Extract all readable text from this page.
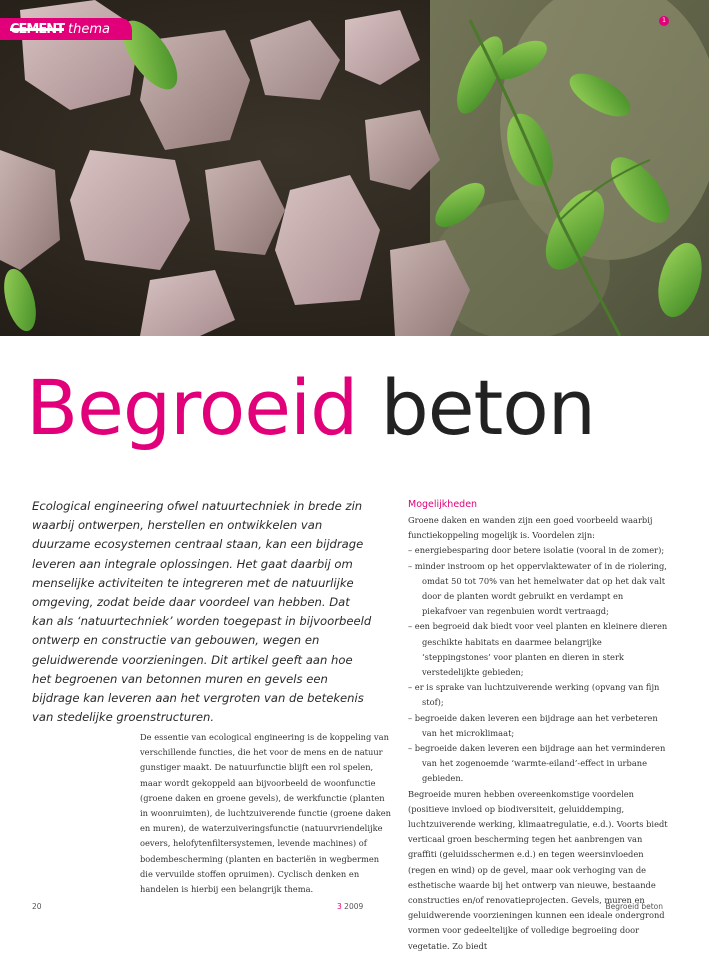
CEMENT thema
1
Begroeid beton

Ecological engineering ofwel natuurtechniek in brede zin waarbij ontwerpen, herstellen en ontwikkelen van duurzame ecosystemen centraal staan, kan een bijdrage leveren aan integrale oplossingen. Het gaat daarbij om menselijke activiteiten te integreren met de natuurlijke omgeving, zodat beide daar voordeel van hebben. Dat kan als ‘natuurtechniek’ worden toegepast in bijvoorbeeld ontwerp en constructie van gebouwen, wegen en geluidwerende voorzieningen. Dit artikel geeft aan hoe het begroenen van betonnen muren en gevels een bijdrage kan leveren aan het vergroten van de betekenis van stedelijke groenstructuren.

De essentie van ecological engineering is de koppeling van verschillende functies, die het voor de mens en de natuur gunstiger maakt. De natuurfunctie blijft een rol spelen, maar wordt gekoppeld aan bijvoorbeeld de woonfunctie (groene daken en groene gevels), de werkfunctie (planten in woonruimten), de luchtzuiverende functie (groene daken en muren), de waterzuiveringsfunctie (natuurvriendelijke oevers, helofytenfiltersystemen, levende machines) of bodembescherming (planten en bacteriën in wegbermen die vervuilde stoffen opruimen). Cyclisch denken en handelen is hierbij een belangrijk thema.

Mogelijkheden

Groene daken en wanden zijn een goed voorbeeld waarbij functiekoppeling mogelijk is. Voordelen zijn:

– energiebesparing door betere isolatie (vooral in de zomer);
– minder instroom op het oppervlaktewater of in de riolering, omdat 50 tot 70% van het hemelwater dat op het dak valt door de planten wordt gebruikt en verdampt en piekafvoer van regenbuien wordt vertraagd;
– een begroeid dak biedt voor veel planten en kleinere dieren geschikte habitats en daarmee belangrijke ‘steppingstones’ voor planten en dieren in sterk verstedelijkte gebieden;
– er is sprake van luchtzuiverende werking (opvang van fijn stof);
– begroeide daken leveren een bijdrage aan het verbeteren van het microklimaat;
– begroeide daken leveren een bijdrage aan het verminderen van het zogenoemde ‘warmte-eiland’-effect in urbane gebieden.

Begroeide muren hebben overeenkomstige voordelen (positieve invloed op biodiversiteit, geluiddemping, luchtzuiverende werking, klimaatregulatie, e.d.). Voorts biedt verticaal groen bescherming tegen het aanbrengen van graffiti (geluidsschermen e.d.) en tegen weersinvloeden (regen en wind) op de gevel, maar ook verhoging van de esthetische waarde bij het ontwerp van nieuwe, bestaande constructies en/of renovatieprojecten. Gevels, muren en geluidwerende voorzieningen kunnen een ideale ondergrond vormen voor gedeeltelijke of volledige begroeiing door vegetatie. Zo biedt

20	3 2009	Begroeid beton
